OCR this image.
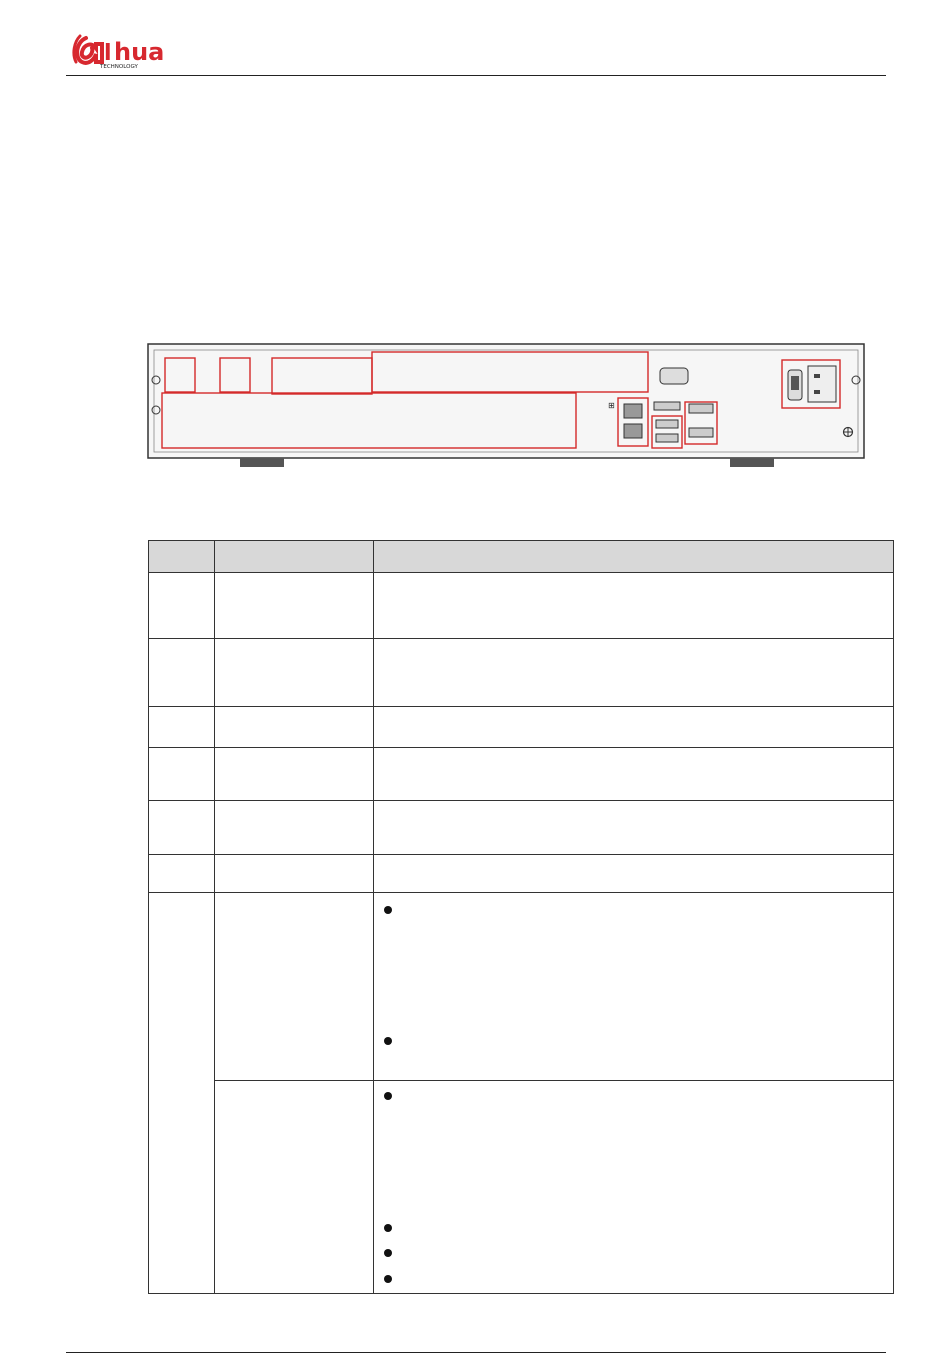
l hua
TECHNOLOGY
⊞
